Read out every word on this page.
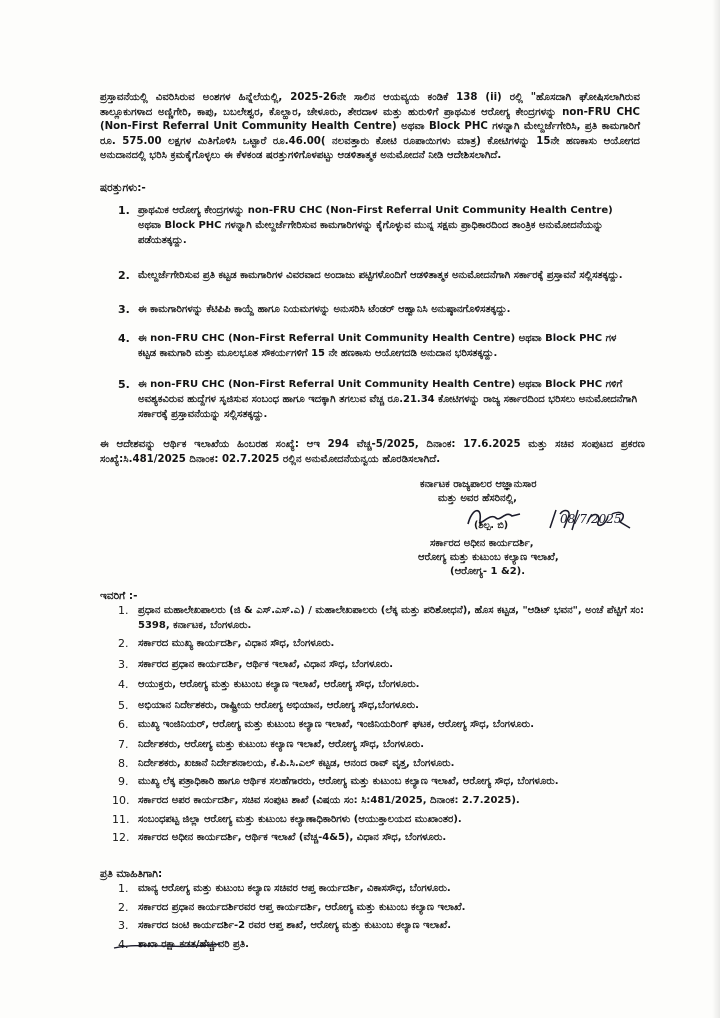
ಪ್ರಸ್ತಾವನೆಯಲ್ಲಿ ವಿವರಿಸಿರುವ ಅಂಶಗಳ ಹಿನ್ನೆಲೆಯಲ್ಲಿ, 2025-26ನೇ ಸಾಲಿನ ಆಯವ್ಯಯ ಕಂಡಿಕೆ 138 (ii) ರಲ್ಲಿ "ಹೊಸದಾಗಿ ಘೋಷಿಸಲಾಗಿರುವ ತಾಲ್ಲೂಕುಗಳಾದ ಅಣ್ಣಿಗೇರಿ, ಕಾಪು, ಬಬಲೇಶ್ವರ, ಕೊಲ್ಹಾರ, ಚೇಳೂರು, ತೇರದಾಳ ಮತ್ತು ಹುರುಳಿಗೆ ಪ್ರಾಥಮಿಕ ಆರೋಗ್ಯ ಕೇಂದ್ರಗಳನ್ನು non-FRU CHC (Non-First Referral Unit Community Health Centre) ಅಥವಾ Block PHC ಗಳನ್ನಾಗಿ ಮೇಲ್ದರ್ಜೆಗೇರಿಸಿ, ಪ್ರತಿ ಕಾಮಗಾರಿಗೆ ರೂ. 575.00 ಲಕ್ಷಗಳ ಮಿತಿಗೊಳಿಸಿ ಒಟ್ಟಾರೆ ರೂ.46.00( ನಲವತ್ತಾರು ಕೋಟಿ ರೂಪಾಯಿಗಳು ಮಾತ್ರ) ಕೋಟಿಗಳನ್ನು 15ನೇ ಹಣಕಾಸು ಆಯೋಗದ ಅನುದಾನದಲ್ಲಿ ಭರಿಸಿ ಕ್ರಮಕೈಗೊಳ್ಳಲು ಈ ಕೆಳಕಂಡ ಷರತ್ತುಗಳಿಗೊಳಪಟ್ಟು ಆಡಳಿತಾತ್ಮಕ ಅನುಮೋದನೆ ನೀಡಿ ಆದೇಶಿಸಲಾಗಿದೆ.
ಷರತ್ತುಗಳು:-
1. ಪ್ರಾಥಮಿಕ ಆರೋಗ್ಯ ಕೇಂದ್ರಗಳನ್ನು non-FRU CHC (Non-First Referral Unit Community Health Centre) ಅಥವಾ Block PHC ಗಳನ್ನಾಗಿ ಮೇಲ್ದರ್ಜೆಗೇರಿಸುವ ಕಾಮಗಾರಿಗಳನ್ನು ಕೈಗೊಳ್ಳುವ ಮುನ್ನ ಸಕ್ಷಮ ಪ್ರಾಧಿಕಾರದಿಂದ ತಾಂತ್ರಿಕ ಅನುಮೋದನೆಯನ್ನು ಪಡೆಯತಕ್ಕದ್ದು.
2. ಮೇಲ್ದರ್ಜೆಗೇರಿಸುವ ಪ್ರತಿ ಕಟ್ಟಡ ಕಾಮಗಾರಿಗಳ ವಿವರವಾದ ಅಂದಾಜು ಪಟ್ಟಿಗಳೊಂದಿಗೆ ಆಡಳಿತಾತ್ಮಕ ಅನುಮೋದನೆಗಾಗಿ ಸರ್ಕಾರಕ್ಕೆ ಪ್ರಸ್ತಾವನೆ ಸಲ್ಲಿಸತಕ್ಕದ್ದು.
3. ಈ ಕಾಮಗಾರಿಗಳನ್ನು ಕೆಟಿಪಿಪಿ ಕಾಯ್ದೆ ಹಾಗೂ ನಿಯಮಗಳನ್ನು ಅನುಸರಿಸಿ ಟೆಂಡರ್ ಆಹ್ವಾನಿಸಿ ಅನುಷ್ಠಾನಗೊಳಿಸತಕ್ಕದ್ದು.
4. ಈ non-FRU CHC (Non-First Referral Unit Community Health Centre) ಅಥವಾ Block PHC ಗಳ ಕಟ್ಟಡ ಕಾಮಗಾರಿ ಮತ್ತು ಮೂಲಭೂತ ಸೌಕರ್ಯಗಳಿಗೆ 15 ನೇ ಹಣಕಾಸು ಆಯೋಗದಡಿ ಅನುದಾನ ಭರಿಸತಕ್ಕದ್ದು.
5. ಈ non-FRU CHC (Non-First Referral Unit Community Health Centre) ಅಥವಾ Block PHC ಗಳಿಗೆ ಅವಶ್ಯಕವಿರುವ ಹುದ್ದೆಗಳ ಸೃಜಿಸುವ ಸಂಬಂಧ ಹಾಗೂ ಇದಕ್ಕಾಗಿ ತಗಲುವ ವೆಚ್ಚ ರೂ.21.34 ಕೋಟಿಗಳನ್ನು ರಾಜ್ಯ ಸರ್ಕಾರದಿಂದ ಭರಿಸಲು ಅನುಮೋದನೆಗಾಗಿ ಸರ್ಕಾರಕ್ಕೆ ಪ್ರಸ್ತಾವನೆಯನ್ನು ಸಲ್ಲಿಸತಕ್ಕದ್ದು.
ಈ ಆದೇಶವನ್ನು ಆರ್ಥಿಕ ಇಲಾಖೆಯ ಹಿಂಬರಹ ಸಂಖ್ಯೆ: ಆಇ 294 ವೆಚ್ಚ-5/2025, ದಿನಾಂಕ: 17.6.2025 ಮತ್ತು ಸಚಿವ ಸಂಪುಟದ ಪ್ರಕರಣ ಸಂಖ್ಯೆ:ಸಿ.481/2025 ದಿನಾಂಕ: 02.7.2025 ರಲ್ಲಿನ ಅನುಮೋದನೆಯನ್ವಯ ಹೊರಡಿಸಲಾಗಿದೆ.
ಕರ್ನಾಟಕ ರಾಜ್ಯಪಾಲರ ಆಜ್ಞಾನುಸಾರ
ಮತ್ತು ಅವರ ಹೆಸರಿನಲ್ಲಿ,
(ಶಿಲ್ಪ. ಬಿ)	08/7/2025
ಸರ್ಕಾರದ ಅಧೀನ ಕಾರ್ಯದರ್ಶಿ,
ಆರೋಗ್ಯ ಮತ್ತು ಕುಟುಂಬ ಕಲ್ಯಾಣ ಇಲಾಖೆ,
(ಆರೋಗ್ಯ- 1 &2).
ಇವರಿಗೆ :-
1. ಪ್ರಧಾನ ಮಹಾಲೇಖಪಾಲರು (ಜಿ & ಎಸ್.ಎಸ್.ಎ) / ಮಹಾಲೇಖಪಾಲರು (ಲೆಕ್ಕ ಮತ್ತು ಪರಿಶೋಧನೆ), ಹೊಸ ಕಟ್ಟಡ, "ಆಡಿಟ್ ಭವನ", ಅಂಚೆ ಪೆಟ್ಟಿಗೆ ಸಂ: 5398, ಕರ್ನಾಟಕ, ಬೆಂಗಳೂರು.
2. ಸರ್ಕಾರದ ಮುಖ್ಯ ಕಾರ್ಯದರ್ಶಿ, ವಿಧಾನ ಸೌಧ, ಬೆಂಗಳೂರು.
3. ಸರ್ಕಾರದ ಪ್ರಧಾನ ಕಾರ್ಯದರ್ಶಿ, ಆರ್ಥಿಕ ಇಲಾಖೆ, ವಿಧಾನ ಸೌಧ, ಬೆಂಗಳೂರು.
4. ಆಯುಕ್ತರು, ಆರೋಗ್ಯ ಮತ್ತು ಕುಟುಂಬ ಕಲ್ಯಾಣ ಇಲಾಖೆ, ಆರೋಗ್ಯ ಸೌಧ, ಬೆಂಗಳೂರು.
5. ಅಭಿಯಾನ ನಿರ್ದೇಶಕರು, ರಾಷ್ಟ್ರೀಯ ಆರೋಗ್ಯ ಅಭಿಯಾನ, ಆರೋಗ್ಯ ಸೌಧ,ಬೆಂಗಳೂರು.
6. ಮುಖ್ಯ ಇಂಜಿನಿಯರ್, ಆರೋಗ್ಯ ಮತ್ತು ಕುಟುಂಬ ಕಲ್ಯಾಣ ಇಲಾಖೆ, ಇಂಜಿನಿಯರಿಂಗ್ ಘಟಕ, ಆರೋಗ್ಯ ಸೌಧ, ಬೆಂಗಳೂರು.
7. ನಿರ್ದೇಶಕರು, ಆರೋಗ್ಯ ಮತ್ತು ಕುಟುಂಬ ಕಲ್ಯಾಣ ಇಲಾಖೆ, ಆರೋಗ್ಯ ಸೌಧ, ಬೆಂಗಳೂರು.
8. ನಿರ್ದೇಶಕರು, ಖಜಾನೆ ನಿರ್ದೇಶನಾಲಯ, ಕೆ.ಪಿ.ಸಿ.ಎಲ್ ಕಟ್ಟಡ, ಆನಂದ ರಾವ್ ವೃತ್ತ, ಬೆಂಗಳೂರು.
9. ಮುಖ್ಯ ಲೆಕ್ಕ ಪತ್ರಾಧಿಕಾರಿ ಹಾಗೂ ಆರ್ಥಿಕ ಸಲಹೆಗಾರರು, ಆರೋಗ್ಯ ಮತ್ತು ಕುಟುಂಬ ಕಲ್ಯಾಣ ಇಲಾಖೆ, ಆರೋಗ್ಯ ಸೌಧ, ಬೆಂಗಳೂರು.
10. ಸರ್ಕಾರದ ಅಪರ ಕಾರ್ಯದರ್ಶಿ, ಸಚಿವ ಸಂಪುಟ ಶಾಖೆ (ವಿಷಯ ಸಂ: ಸಿ:481/2025, ದಿನಾಂಕ: 2.7.2025).
11. ಸಂಬಂಧಪಟ್ಟ ಜಿಲ್ಲಾ ಆರೋಗ್ಯ ಮತ್ತು ಕುಟುಂಬ ಕಲ್ಯಾಣಾಧಿಕಾರಿಗಳು (ಆಯುಕ್ತಾಲಯದ ಮುಖಾಂತರ).
12. ಸರ್ಕಾರದ ಅಧೀನ ಕಾರ್ಯದರ್ಶಿ, ಆರ್ಥಿಕ ಇಲಾಖೆ (ವೆಚ್ಚ-4&5), ವಿಧಾನ ಸೌಧ, ಬೆಂಗಳೂರು.
ಪ್ರತಿ ಮಾಹಿತಿಗಾಗಿ:
1. ಮಾನ್ಯ ಆರೋಗ್ಯ ಮತ್ತು ಕುಟುಂಬ ಕಲ್ಯಾಣ ಸಚಿವರ ಆಪ್ತ ಕಾರ್ಯದರ್ಶಿ, ವಿಕಾಸಸೌಧ, ಬೆಂಗಳೂರು.
2. ಸರ್ಕಾರದ ಪ್ರಧಾನ ಕಾರ್ಯದರ್ಶಿರವರ ಆಪ್ತ ಕಾರ್ಯದರ್ಶಿ, ಆರೋಗ್ಯ ಮತ್ತು ಕುಟುಂಬ ಕಲ್ಯಾಣ ಇಲಾಖೆ.
3. ಸರ್ಕಾರದ ಜಂಟಿ ಕಾರ್ಯದರ್ಶಿ-2 ರವರ ಆಪ್ತ ಶಾಖೆ, ಆರೋಗ್ಯ ಮತ್ತು ಕುಟುಂಬ ಕಲ್ಯಾಣ ಇಲಾಖೆ.
4. ಶಾಖಾ ರಕ್ಷಾ ಕಡತ/ಹೆಚ್ಚುವರಿ ಪ್ರತಿ.
